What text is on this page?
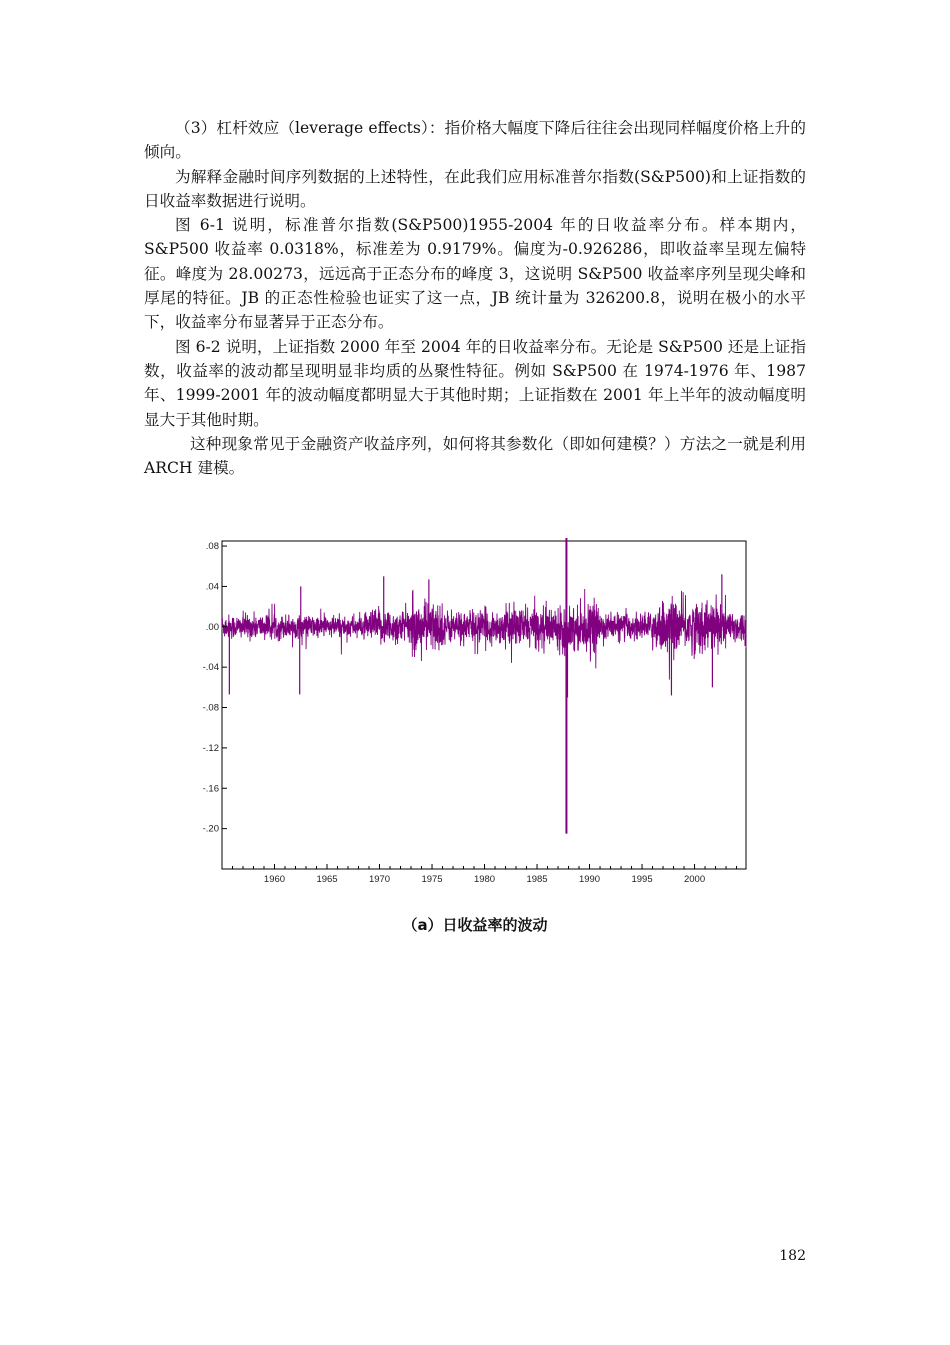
（3）杠杆效应（leverage effects）：指价格大幅度下降后往往会出现同样幅度价格上升的倾向。

为解释金融时间序列数据的上述特性，在此我们应用标准普尔指数(S&P500)和上证指数的日收益率数据进行说明。

图 6-1 说明，标准普尔指数(S&P500)1955-2004 年的日收益率分布。样本期内，S&P500 收益率 0.0318%，标准差为 0.9179%。偏度为-0.926286，即收益率呈现左偏特征。峰度为 28.00273，远远高于正态分布的峰度 3，这说明 S&P500 收益率序列呈现尖峰和厚尾的特征。JB 的正态性检验也证实了这一点，JB 统计量为 326200.8，说明在极小的水平下，收益率分布显著异于正态分布。

图 6-2 说明，上证指数 2000 年至 2004 年的日收益率分布。无论是 S&P500 还是上证指数，收益率的波动都呈现明显非均质的丛聚性特征。例如 S&P500 在 1974-1976 年、1987 年、1999-2001 年的波动幅度都明显大于其他时期；上证指数在 2001 年上半年的波动幅度明显大于其他时期。

这种现象常见于金融资产收益序列，如何将其参数化（即如何建模？）方法之一就是利用 ARCH 建模。

.08
.04
.00
-.04
-.08
-.12
-.16
-.20
1960	1965	1970	1975	1980	1985	1990	1995	2000
（a）日收益率的波动
182
